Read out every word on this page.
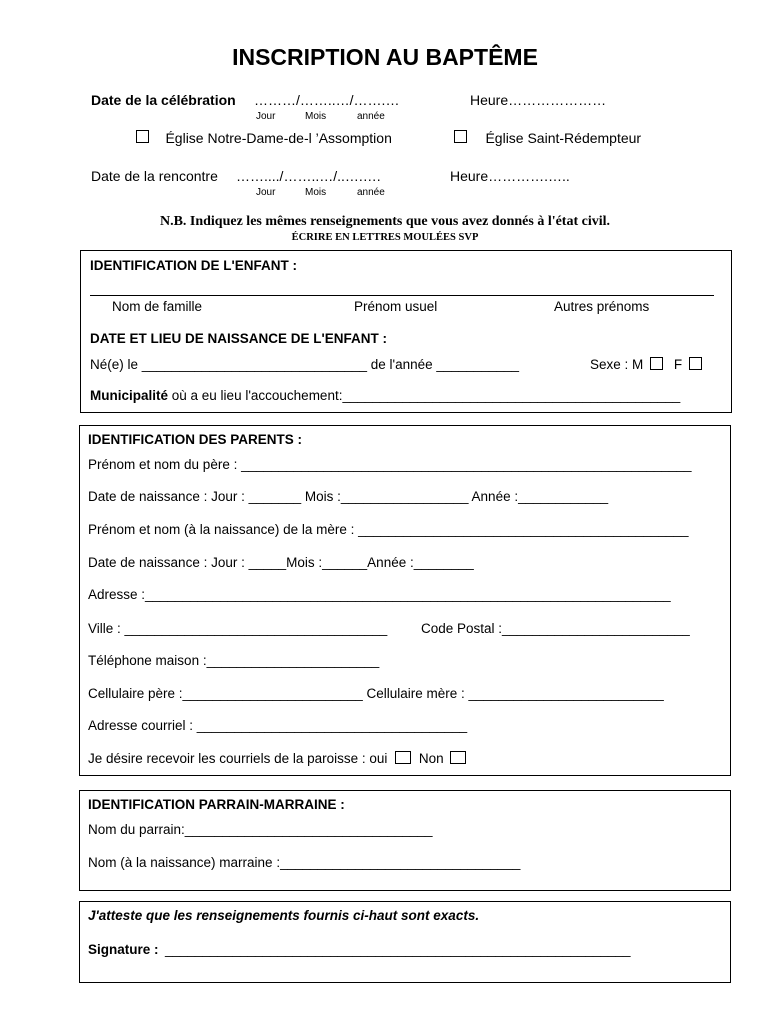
INSCRIPTION AU BAPTÊME
Date de la célébration ………/……..…/…….…	Heure…………………
Jour	Mois	année
Église Notre-Dame-de-l ’Assomption	Église Saint-Rédempteur
Date de la rencontre ……..../……..…/..….….	Heure………….…..
Jour	Mois	année
N.B. Indiquez les mêmes renseignements que vous avez donnés à l'état civil.
ÉCRIRE EN LETTRES MOULÉES SVP
IDENTIFICATION DE L'ENFANT :
Nom de famille	Prénom usuel	Autres prénoms
DATE ET LIEU DE NAISSANCE DE L'ENFANT :
Né(e) le ______________________________ de l'année ___________	Sexe : M F
Municipalité où a eu lieu l'accouchement:_____________________________________________
IDENTIFICATION DES PARENTS :
Prénom et nom du père : ____________________________________________________________
Date de naissance : Jour : _______ Mois :_________________ Année :____________
Prénom et nom (à la naissance) de la mère : ____________________________________________
Date de naissance : Jour : _____Mois :______Année :________
Adresse :______________________________________________________________________
Ville : ___________________________________ Code Postal :_________________________
Téléphone maison :_______________________
Cellulaire père :________________________ Cellulaire mère : __________________________
Adresse courriel : ____________________________________
Je désire recevoir les courriels de la paroisse : oui Non
IDENTIFICATION PARRAIN-MARRAINE :
Nom du parrain:_________________________________
Nom (à la naissance) marraine :________________________________
J'atteste que les renseignements fournis ci-haut sont exacts.
Signature : ______________________________________________________________
